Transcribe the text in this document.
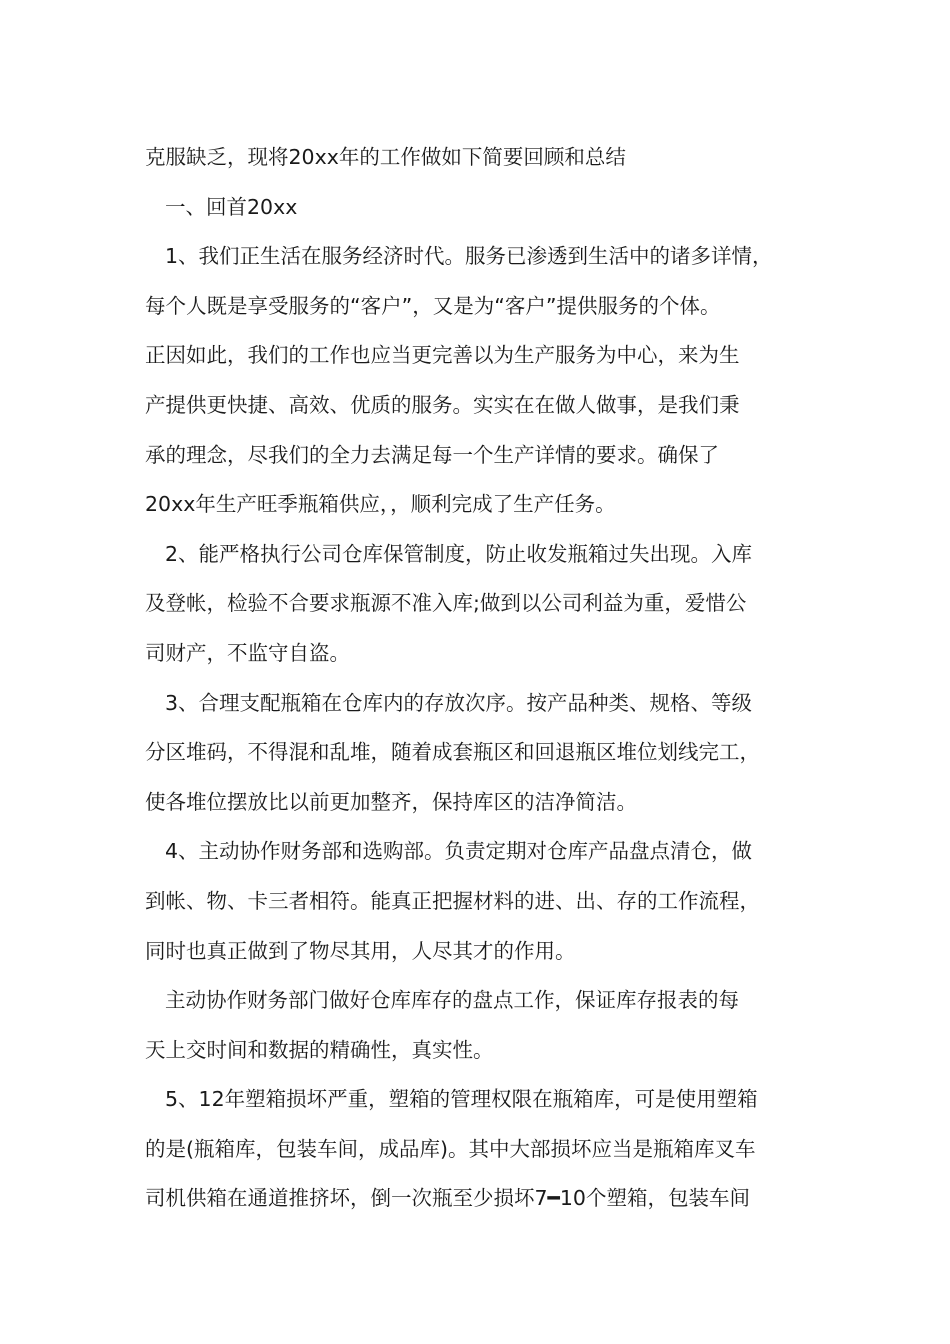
克服缺乏，现将20xx年的工作做如下简要回顾和总结
一、回首20xx
1、我们正生活在服务经济时代。服务已渗透到生活中的诸多详情，
每个人既是享受服务的“客户”，又是为“客户”提供服务的个体。
正因如此，我们的工作也应当更完善以为生产服务为中心，来为生
产提供更快捷、高效、优质的服务。实实在在做人做事，是我们秉
承的理念，尽我们的全力去满足每一个生产详情的要求。确保了
20xx年生产旺季瓶箱供应，，顺利完成了生产任务。
2、能严格执行公司仓库保管制度，防止收发瓶箱过失出现。入库
及登帐，检验不合要求瓶源不准入库;做到以公司利益为重，爱惜公
司财产，不监守自盗。
3、合理支配瓶箱在仓库内的存放次序。按产品种类、规格、等级
分区堆码，不得混和乱堆，随着成套瓶区和回退瓶区堆位划线完工，
使各堆位摆放比以前更加整齐，保持库区的洁净简洁。
4、主动协作财务部和选购部。负责定期对仓库产品盘点清仓，做
到帐、物、卡三者相符。能真正把握材料的进、出、存的工作流程，
同时也真正做到了物尽其用，人尽其才的作用。
主动协作财务部门做好仓库库存的盘点工作，保证库存报表的每
天上交时间和数据的精确性，真实性。
5、12年塑箱损坏严重，塑箱的管理权限在瓶箱库，可是使用塑箱
的是(瓶箱库，包装车间，成品库)。其中大部损坏应当是瓶箱库叉车
司机供箱在通道推挤坏，倒一次瓶至少损坏7━10个塑箱，包装车间
